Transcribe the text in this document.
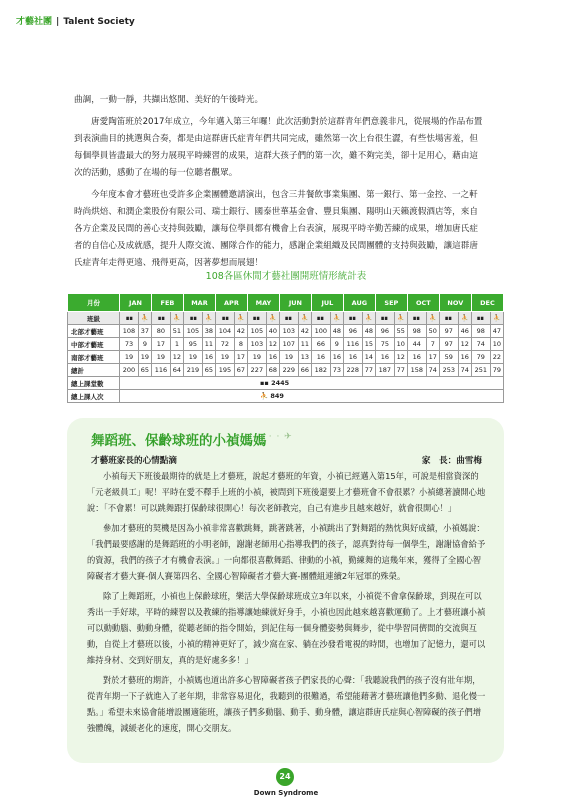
才藝社團 | Talent Society

曲調，一動一靜，共擷出悠閒、美好的午後時光。

唐愛陶笛班於2017年成立，今年邁入第三年囉！此次活動對於這群青年們意義非凡，從展場的作品布置到表演曲目的挑選與合奏，都是由這群唐氏症青年們共同完成，雖然第一次上台很生澀，有些怯場害羞，但每個學員皆盡最大的努力展現平時練習的成果，這群大孩子們的第一次，雖不夠完美，卻十足用心，藉由這次的活動，感動了在場的每一位聽者觀眾。

今年度本會才藝班也受許多企業團體邀請演出，包含三井餐飲事業集團、第一銀行、第一金控、一之軒時尚烘焙、和潤企業股份有限公司、瑞士銀行、國泰世華基金會、豐貝集團、陽明山天籟渡假酒店等，來自各方企業及民間的善心支持與鼓勵，讓每位學員都有機會上台表演，展現平時辛勤苦練的成果，增加唐氏症者的自信心及成就感，提升人際交流、團隊合作的能力，感謝企業組織及民間團體的支持與鼓勵，讓這群唐氏症青年走得更遠、飛得更高，因著夢想而展翅！

108各區休閒才藝社團開班情形統計表
月份	JAN		FEB		MAR		APR		MAY		JUN		JUL		AUG		SEP		OCT		NOV		DEC	
班級	▪▪	⛹	▪▪	⛹	▪▪	⛹	▪▪	⛹	▪▪	⛹	▪▪	⛹	▪▪	⛹	▪▪	⛹	▪▪	⛹	▪▪	⛹	▪▪	⛹	▪▪	⛹
北部才藝班	108	37	80	51	105	38	104	42	105	40	103	42	100	48	96	48	96	55	98	50	97	46	98	47
中部才藝班	73	9	17	1	95	11	72	8	103	12	107	11	66	9	116	15	75	10	44	7	97	12	74	10
南部才藝班	19	19	19	12	19	16	19	17	19	16	19	13	16	16	16	14	16	12	16	17	59	16	79	22
總計	200	65	116	64	219	65	195	67	227	68	229	66	182	73	228	77	187	77	158	74	253	74	251	79
總上課堂數	▪▪ 2445																							
總上課人次	⛹ 849																							
舞蹈班、保齡球班的小禎媽媽
· · · ✈
才藝班家長的心情點滴	家　長：曲雪梅

小禎每天下班後最期待的就是上才藝班，說起才藝班的年資，小禎已經邁入第15年，可說是相當資深的「元老級員工」呢！平時在愛不釋手上班的小禎，被問到下班後還要上才藝班會不會很累？小禎總著讀開心地說：「不會累！可以跳舞跟打保齡球很開心！每次老師教完，自己有進步且越來越好，就會很開心！」

參加才藝班的契機是因為小禎非常喜歡跳舞，跳著跳著，小禎跳出了對舞蹈的熱忱與好成績，小禎媽說：「我們最要感謝的是舞蹈班的小明老師，謝謝老師用心指導我們的孩子，認真對待每一個學生，謝謝協會給予的資源，我們的孩子才有機會表演。」一向都很喜歡舞蹈、律動的小禎，勤練舞的這幾年來，獲得了全國心智障礙者才藝大賽-個人賽第四名、全國心智障礙者才藝大賽-團體組連續2年冠軍的殊榮。

除了上舞蹈班，小禎也上保齡球班，樂活大學保齡球班成立3年以來，小禎從不會拿保齡球，到現在可以秀出一手好球，平時的練習以及教練的指導讓她練就好身手，小禎也因此越來越喜歡運動了。上才藝班讓小禎可以動動腦、動動身體，從聽老師的指令開始，到記住每一個身體姿勢與舞步，從中學習同儕間的交流與互動，自從上才藝班以後，小禎的精神更好了，減少窩在家、躺在沙發看電視的時間，也增加了記憶力，還可以維持身材、交到好朋友，真的是好處多多！」

對於才藝班的期許，小禎媽也道出許多心智障礙者孩子們家長的心聲：「我聽說我們的孩子沒有壯年期，從青年期一下子就進入了老年期，非常容易退化，我聽到的很難過，希望能藉著才藝班讓他們多動、退化慢一點。」希望未來協會能增設團適能班，讓孩子們多動腦、動手、動身體，讓這群唐氏症與心智障礙的孩子們增強體魄，減緩老化的速度，開心交朋友。

24
Down Syndrome
